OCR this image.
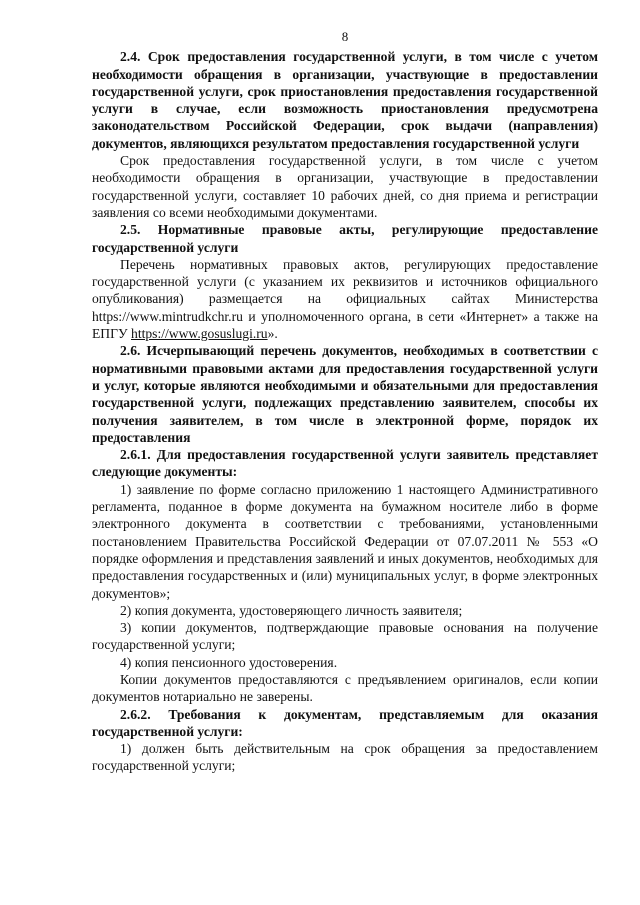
8

2.4. Срок предоставления государственной услуги, в том числе с учетом необходимости обращения в организации, участвующие в предоставлении государственной услуги, срок приостановления предоставления государственной услуги в случае, если возможность приостановления предусмотрена законодательством Российской Федерации, срок выдачи (направления) документов, являющихся результатом предоставления государственной услуги

Срок предоставления государственной услуги, в том числе с учетом необходимости обращения в организации, участвующие в предоставлении государственной услуги, составляет 10 рабочих дней, со дня приема и регистрации заявления со всеми необходимыми документами.

2.5. Нормативные правовые акты, регулирующие предоставление государственной услуги

Перечень нормативных правовых актов, регулирующих предоставление государственной услуги (с указанием их реквизитов и источников официального опубликования) размещается на официальных сайтах Министерства https://www.mintrudkchr.ru и уполномоченного органа, в сети «Интернет» а также на ЕПГУ https://www.gosuslugi.ru».

2.6. Исчерпывающий перечень документов, необходимых в соответствии с нормативными правовыми актами для предоставления государственной услуги и услуг, которые являются необходимыми и обязательными для предоставления государственной услуги, подлежащих представлению заявителем, способы их получения заявителем, в том числе в электронной форме, порядок их предоставления

2.6.1. Для предоставления государственной услуги заявитель представляет следующие документы:

1) заявление по форме согласно приложению 1 настоящего Административного регламента, поданное в форме документа на бумажном носителе либо в форме электронного документа в соответствии с требованиями, установленными постановлением Правительства Российской Федерации от 07.07.2011 № 553 «О порядке оформления и представления заявлений и иных документов, необходимых для предоставления государственных и (или) муниципальных услуг, в форме электронных документов»;

2) копия документа, удостоверяющего личность заявителя;

3) копии документов, подтверждающие правовые основания на получение государственной услуги;

4) копия пенсионного удостоверения.

Копии документов предоставляются с предъявлением оригиналов, если копии документов нотариально не заверены.

2.6.2. Требования к документам, представляемым для оказания государственной услуги:

1) должен быть действительным на срок обращения за предоставлением государственной услуги;
